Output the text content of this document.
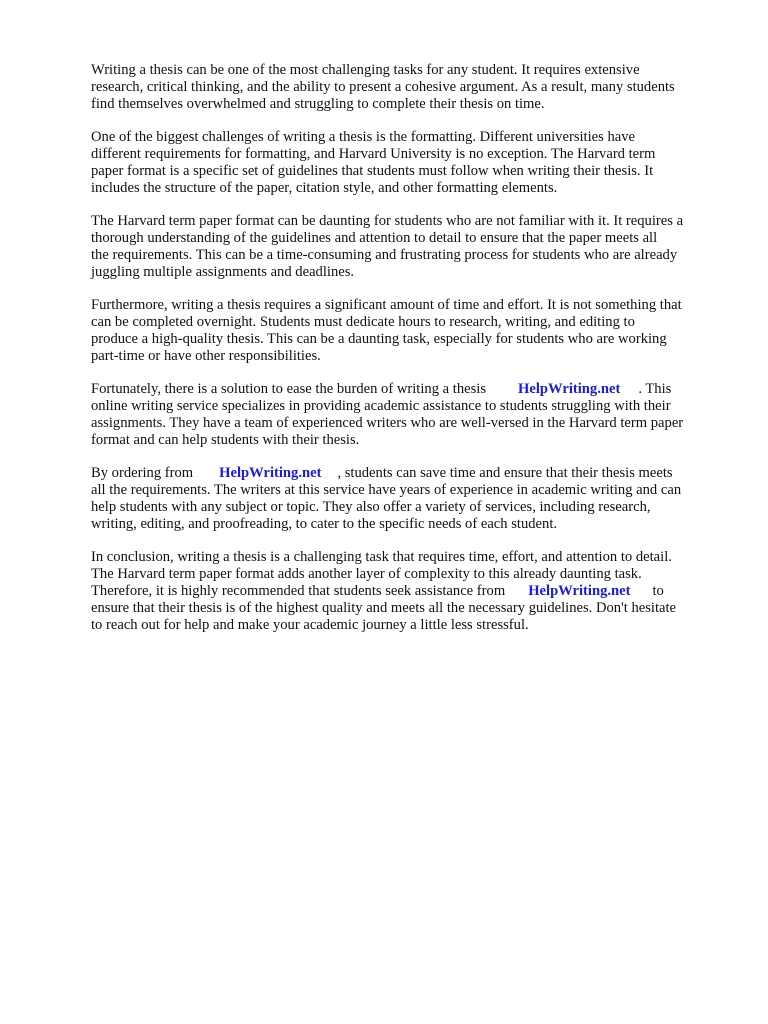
Writing a thesis can be one of the most challenging tasks for any student. It requires extensive
research, critical thinking, and the ability to present a cohesive argument. As a result, many students
find themselves overwhelmed and struggling to complete their thesis on time.

One of the biggest challenges of writing a thesis is the formatting. Different universities have
different requirements for formatting, and Harvard University is no exception. The Harvard term
paper format is a specific set of guidelines that students must follow when writing their thesis. It
includes the structure of the paper, citation style, and other formatting elements.

The Harvard term paper format can be daunting for students who are not familiar with it. It requires a
thorough understanding of the guidelines and attention to detail to ensure that the paper meets all
the requirements. This can be a time-consuming and frustrating process for students who are already
juggling multiple assignments and deadlines.

Furthermore, writing a thesis requires a significant amount of time and effort. It is not something that
can be completed overnight. Students must dedicate hours to research, writing, and editing to
produce a high-quality thesis. This can be a daunting task, especially for students who are working
part-time or have other responsibilities.

Fortunately, there is a solution to ease the burden of writing a thesis HelpWriting.net . This
online writing service specializes in providing academic assistance to students struggling with their
assignments. They have a team of experienced writers who are well-versed in the Harvard term paper
format and can help students with their thesis.

By ordering from HelpWriting.net , students can save time and ensure that their thesis meets
all the requirements. The writers at this service have years of experience in academic writing and can
help students with any subject or topic. They also offer a variety of services, including research,
writing, editing, and proofreading, to cater to the specific needs of each student.

In conclusion, writing a thesis is a challenging task that requires time, effort, and attention to detail.
The Harvard term paper format adds another layer of complexity to this already daunting task.
Therefore, it is highly recommended that students seek assistance from HelpWriting.net to
ensure that their thesis is of the highest quality and meets all the necessary guidelines. Don't hesitate
to reach out for help and make your academic journey a little less stressful.
